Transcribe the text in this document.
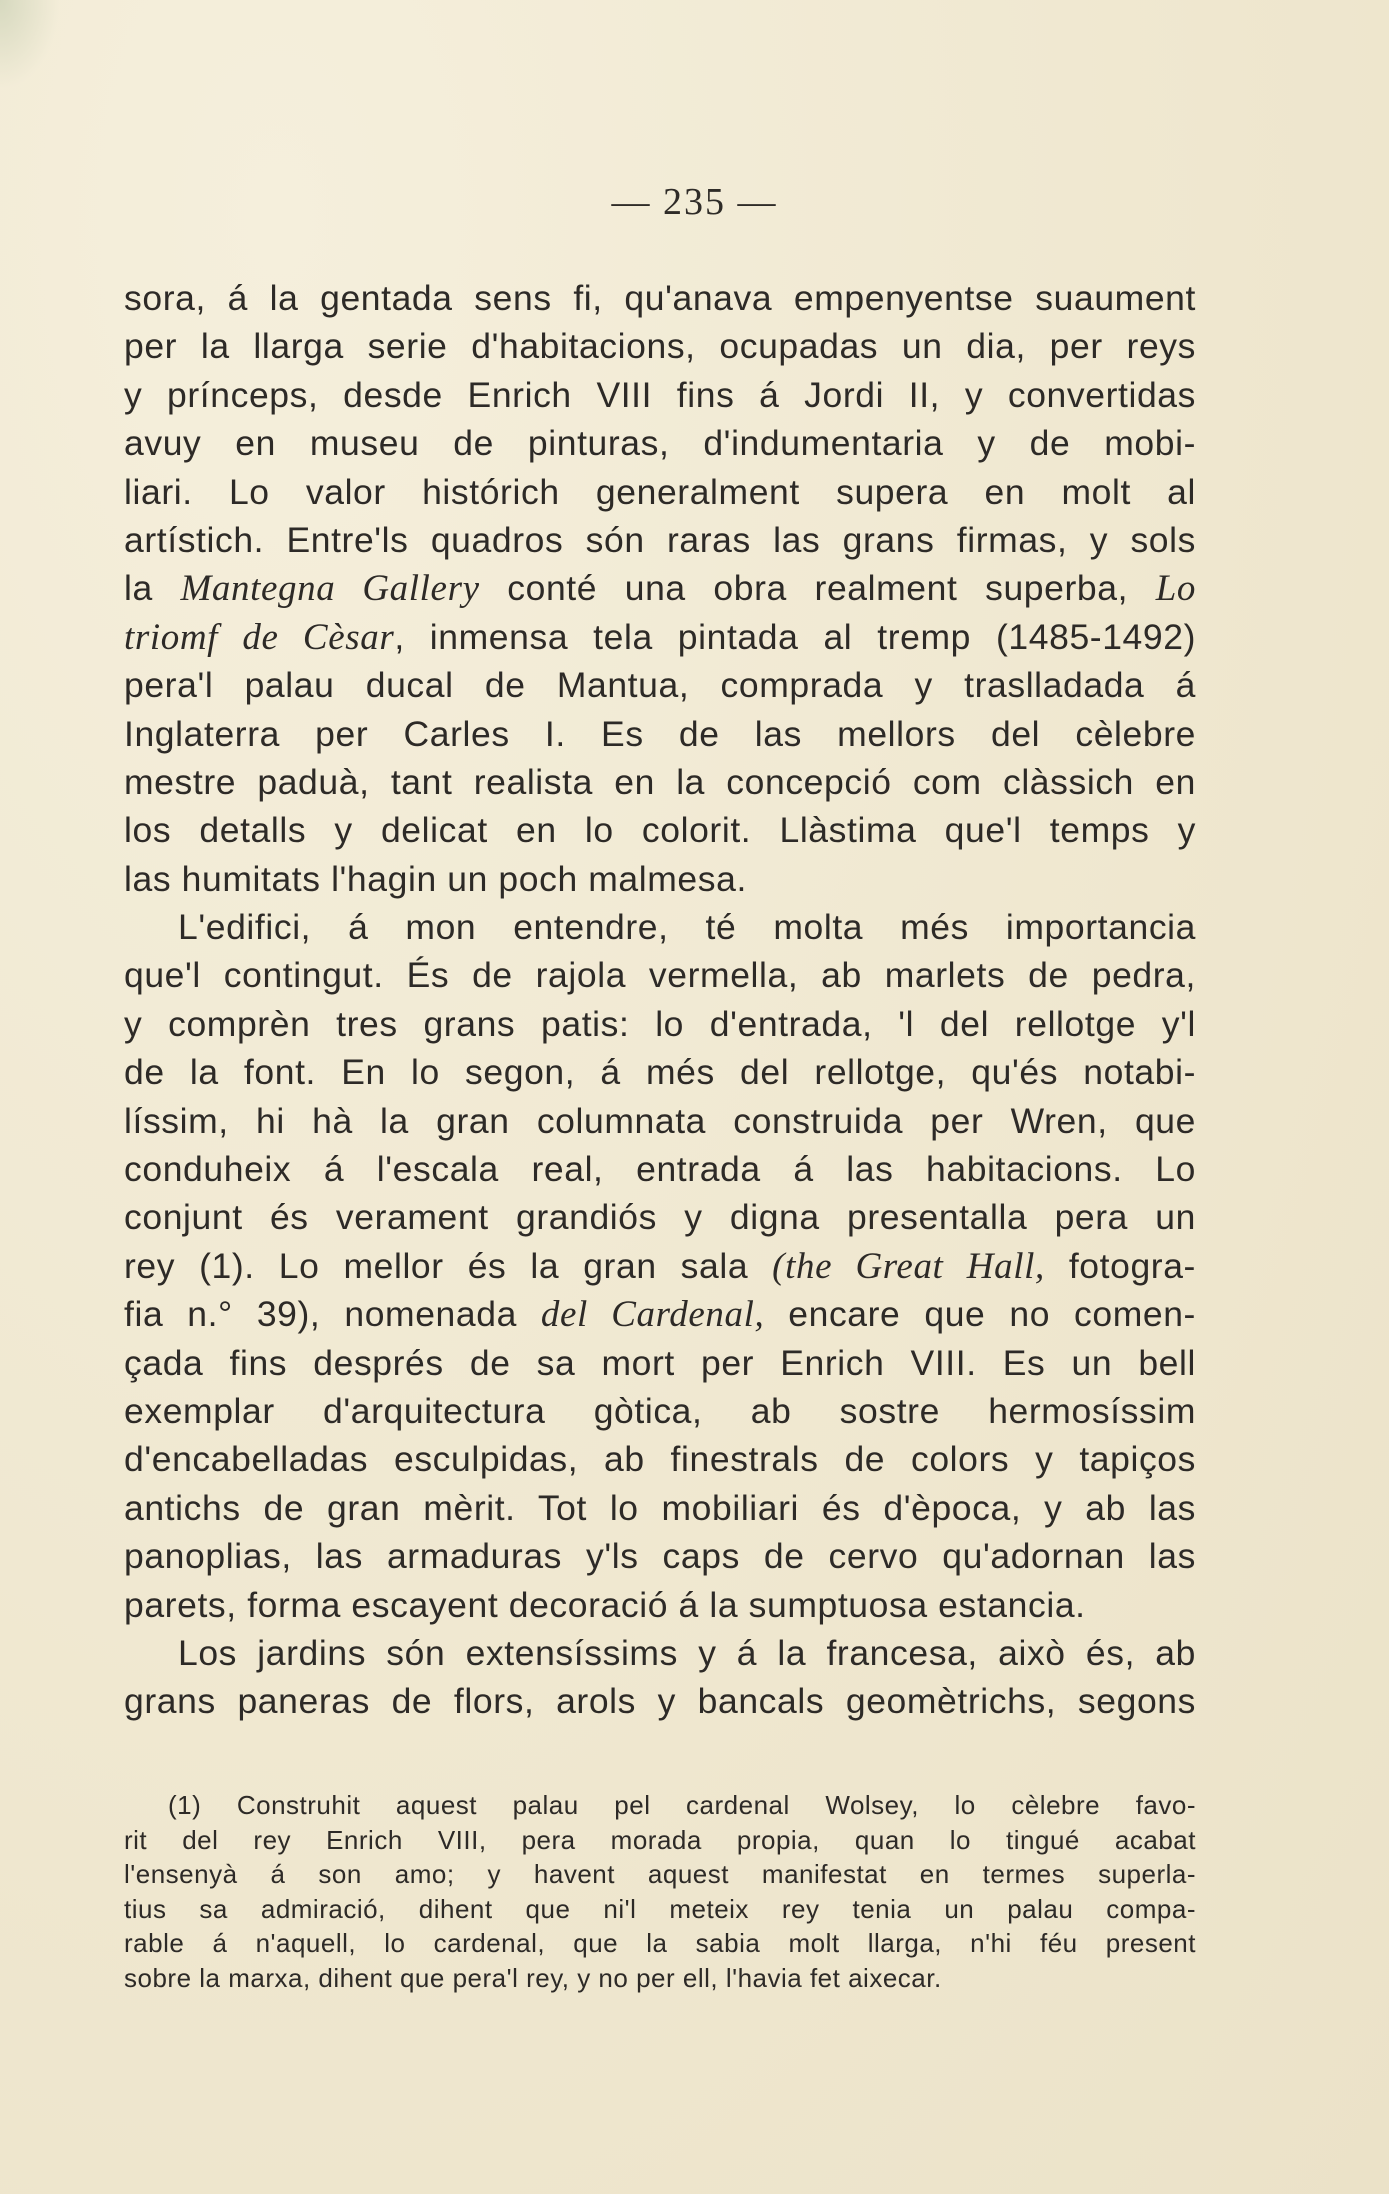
— 235 —
sora, á la gentada sens fi, qu'anava empenyentse suaument
per la llarga serie d'habitacions, ocupadas un dia, per reys
y prínceps, desde Enrich VIII fins á Jordi II, y convertidas
avuy en museu de pinturas, d'indumentaria y de mobi-
liari. Lo valor histórich generalment supera en molt al
artístich. Entre'ls quadros són raras las grans firmas, y sols
la Mantegna Gallery conté una obra realment superba, Lo
triomf de Cèsar, inmensa tela pintada al tremp (1485-1492)
pera'l palau ducal de Mantua, comprada y traslladada á
Inglaterra per Carles I. Es de las mellors del cèlebre
mestre paduà, tant realista en la concepció com clàssich en
los detalls y delicat en lo colorit. Llàstima que'l temps y
las humitats l'hagin un poch malmesa.
L'edifici, á mon entendre, té molta més importancia
que'l contingut. És de rajola vermella, ab marlets de pedra,
y comprèn tres grans patis: lo d'entrada, 'l del rellotge y'l
de la font. En lo segon, á més del rellotge, qu'és notabi-
líssim, hi hà la gran columnata construida per Wren, que
conduheix á l'escala real, entrada á las habitacions. Lo
conjunt és verament grandiós y digna presentalla pera un
rey (1). Lo mellor és la gran sala (the Great Hall, fotogra-
fia n.° 39), nomenada del Cardenal, encare que no comen-
çada fins després de sa mort per Enrich VIII. Es un bell
exemplar d'arquitectura gòtica, ab sostre hermosíssim
d'encabelladas esculpidas, ab finestrals de colors y tapiços
antichs de gran mèrit. Tot lo mobiliari és d'època, y ab las
panoplias, las armaduras y'ls caps de cervo qu'adornan las
parets, forma escayent decoració á la sumptuosa estancia.
Los jardins són extensíssims y á la francesa, això és, ab
grans paneras de flors, arols y bancals geomètrichs, segons
(1) Construhit aquest palau pel cardenal Wolsey, lo cèlebre favo-
rit del rey Enrich VIII, pera morada propia, quan lo tingué acabat
l'ensenyà á son amo; y havent aquest manifestat en termes superla-
tius sa admiració, dihent que ni'l meteix rey tenia un palau compa-
rable á n'aquell, lo cardenal, que la sabia molt llarga, n'hi féu present
sobre la marxa, dihent que pera'l rey, y no per ell, l'havia fet aixecar.
